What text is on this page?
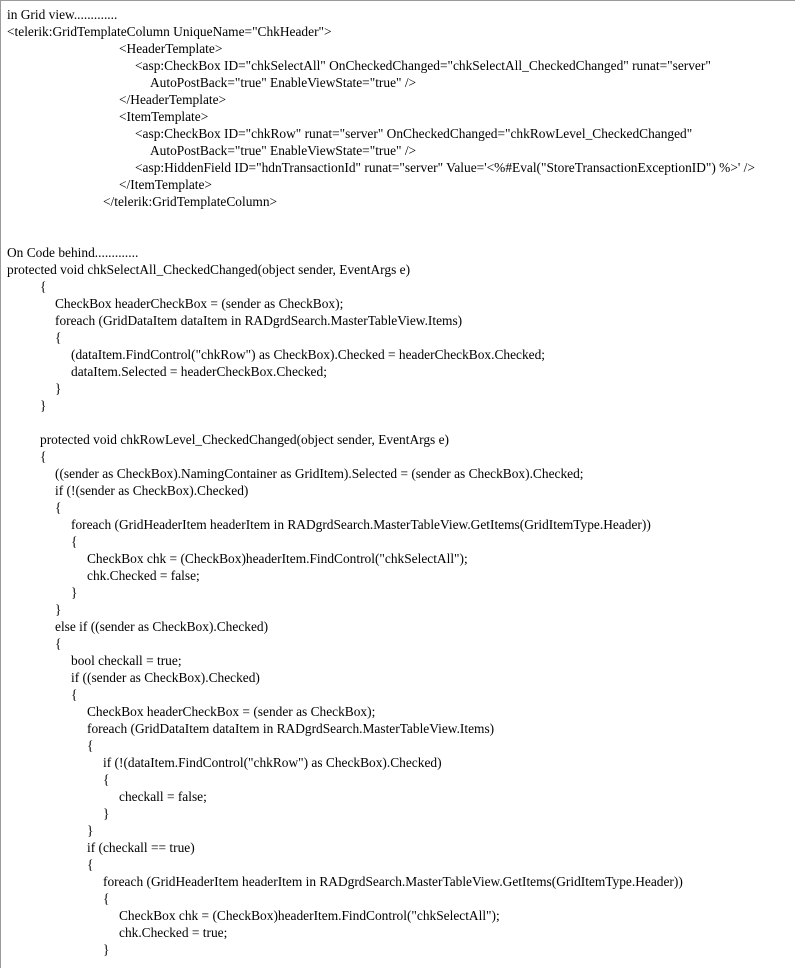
in Grid view.............
<telerik:GridTemplateColumn UniqueName="ChkHeader">
<HeaderTemplate>
<asp:CheckBox ID="chkSelectAll" OnCheckedChanged="chkSelectAll_CheckedChanged" runat="server"
AutoPostBack="true" EnableViewState="true" />
</HeaderTemplate>
<ItemTemplate>
<asp:CheckBox ID="chkRow" runat="server" OnCheckedChanged="chkRowLevel_CheckedChanged"
AutoPostBack="true" EnableViewState="true" />
<asp:HiddenField ID="hdnTransactionId" runat="server" Value='<%#Eval("StoreTransactionExceptionID") %>' />
</ItemTemplate>
</telerik:GridTemplateColumn>
On Code behind.............
protected void chkSelectAll_CheckedChanged(object sender, EventArgs e)
{
CheckBox headerCheckBox = (sender as CheckBox);
foreach (GridDataItem dataItem in RADgrdSearch.MasterTableView.Items)
{
(dataItem.FindControl("chkRow") as CheckBox).Checked = headerCheckBox.Checked;
dataItem.Selected = headerCheckBox.Checked;
}
}
protected void chkRowLevel_CheckedChanged(object sender, EventArgs e)
{
((sender as CheckBox).NamingContainer as GridItem).Selected = (sender as CheckBox).Checked;
if (!(sender as CheckBox).Checked)
{
foreach (GridHeaderItem headerItem in RADgrdSearch.MasterTableView.GetItems(GridItemType.Header))
{
CheckBox chk = (CheckBox)headerItem.FindControl("chkSelectAll");
chk.Checked = false;
}
}
else if ((sender as CheckBox).Checked)
{
bool checkall = true;
if ((sender as CheckBox).Checked)
{
CheckBox headerCheckBox = (sender as CheckBox);
foreach (GridDataItem dataItem in RADgrdSearch.MasterTableView.Items)
{
if (!(dataItem.FindControl("chkRow") as CheckBox).Checked)
{
checkall = false;
}
}
if (checkall == true)
{
foreach (GridHeaderItem headerItem in RADgrdSearch.MasterTableView.GetItems(GridItemType.Header))
{
CheckBox chk = (CheckBox)headerItem.FindControl("chkSelectAll");
chk.Checked = true;
}
